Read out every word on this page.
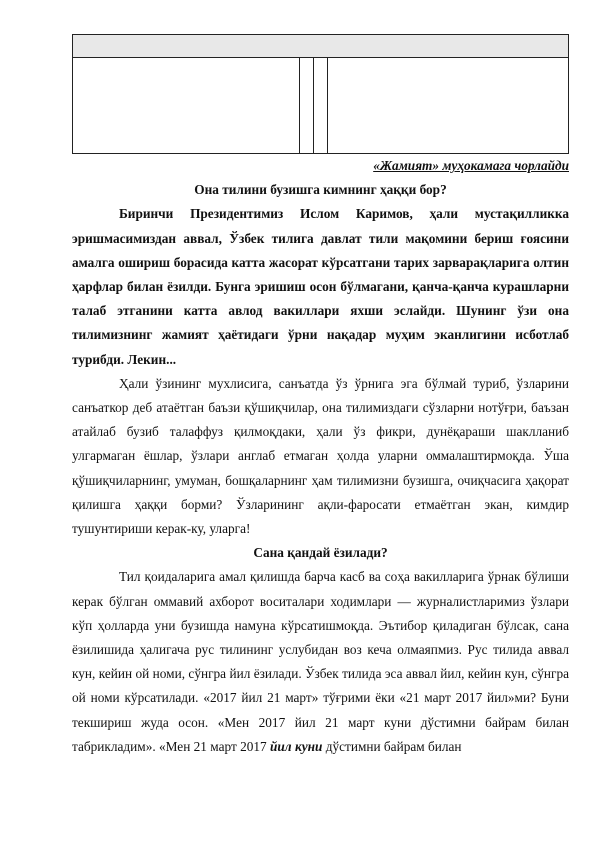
«Жамият» муҳокамага чорлайди
Она тилини бузишга кимнинг ҳаққи бор?

Биринчи Президентимиз Ислом Каримов, ҳали мустақилликка эришмасимиздан аввал, Ўзбек тилига давлат тили мақомини бериш ғоясини амалга ошириш борасида катта жасорат кўрсатгани тарих зарварақларига олтин ҳарфлар билан ёзилди. Бунга эришиш осон бўлмагани, қанча-қанча курашларни талаб этганини катта авлод вакиллари яхши эслайди. Шунинг ўзи она тилимизнинг жамият ҳаётидаги ўрни нақадар муҳим эканлигини исботлаб турибди. Лекин...

Ҳали ўзининг мухлисига, санъатда ўз ўрнига эга бўлмай туриб, ўзларини санъаткор деб атаётган баъзи қўшиқчилар, она тилимиздаги сўзларни нотўғри, баъзан атайлаб бузиб талаффуз қилмоқдаки, ҳали ўз фикри, дунёқараши шаклланиб улгармаган ёшлар, ўзлари англаб етмаган ҳолда уларни оммалаштирмоқда. Ўша қўшиқчиларнинг, умуман, бошқаларнинг ҳам тилимизни бузишга, очиқчасига ҳақорат қилишга ҳаққи борми? Ўзларининг ақли-фаросати етмаётган экан, кимдир тушунтириши керак-ку, уларга!

Сана қандай ёзилади?

Тил қоидаларига амал қилишда барча касб ва соҳа вакилларига ўрнак бўлиши керак бўлган оммавий ахборот воситалари ходимлари — журналистларимиз ўзлари кўп ҳолларда уни бузишда намуна кўрсатишмоқда. Эътибор қиладиган бўлсак, сана ёзилишида ҳалигача рус тилининг услубидан воз кеча олмаяпмиз. Рус тилида аввал кун, кейин ой номи, сўнгра йил ёзилади. Ўзбек тилида эса аввал йил, кейин кун, сўнгра ой номи кўрсатилади. «2017 йил 21 март» тўғрими ёки «21 март 2017 йил»ми? Буни текшириш жуда осон. «Мен 2017 йил 21 март куни дўстимни байрам билан табрикладим». «Мен 21 март 2017 йил куни дўстимни байрам билан
